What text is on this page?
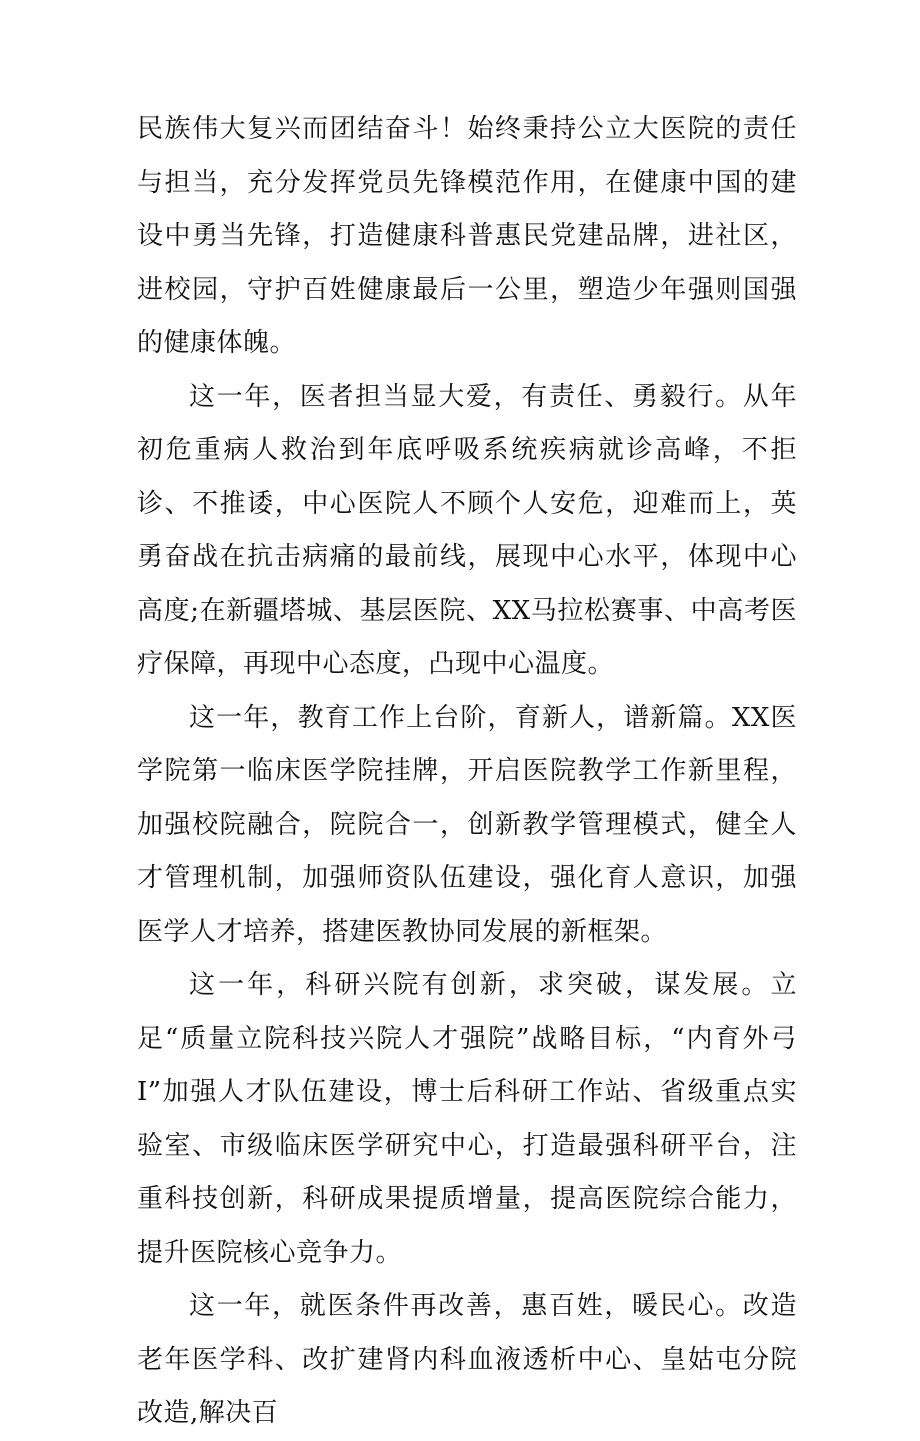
民族伟大复兴而团结奋斗！始终秉持公立大医院的责任与担当，充分发挥党员先锋模范作用，在健康中国的建设中勇当先锋，打造健康科普惠民党建品牌，进社区，进校园，守护百姓健康最后一公里，塑造少年强则国强的健康体魄。

这一年，医者担当显大爱，有责任、勇毅行。从年初危重病人救治到年底呼吸系统疾病就诊高峰，不拒诊、不推诿，中心医院人不顾个人安危，迎难而上，英勇奋战在抗击病痛的最前线，展现中心水平，体现中心高度;在新疆塔城、基层医院、XX马拉松赛事、中高考医疗保障，再现中心态度，凸现中心温度。

这一年，教育工作上台阶，育新人，谱新篇。XX医学院第一临床医学院挂牌，开启医院教学工作新里程，加强校院融合，院院合一，创新教学管理模式，健全人才管理机制，加强师资队伍建设，强化育人意识，加强医学人才培养，搭建医教协同发展的新框架。

这一年，科研兴院有创新，求突破，谋发展。立足“质量立院科技兴院人才强院”战略目标，“内育外弓I”加强人才队伍建设，博士后科研工作站、省级重点实验室、市级临床医学研究中心，打造最强科研平台，注重科技创新，科研成果提质增量，提高医院综合能力，提升医院核心竞争力。

这一年，就医条件再改善，惠百姓，暖民心。改造老年医学科、改扩建肾内科血液透析中心、皇姑屯分院改造,解决百
